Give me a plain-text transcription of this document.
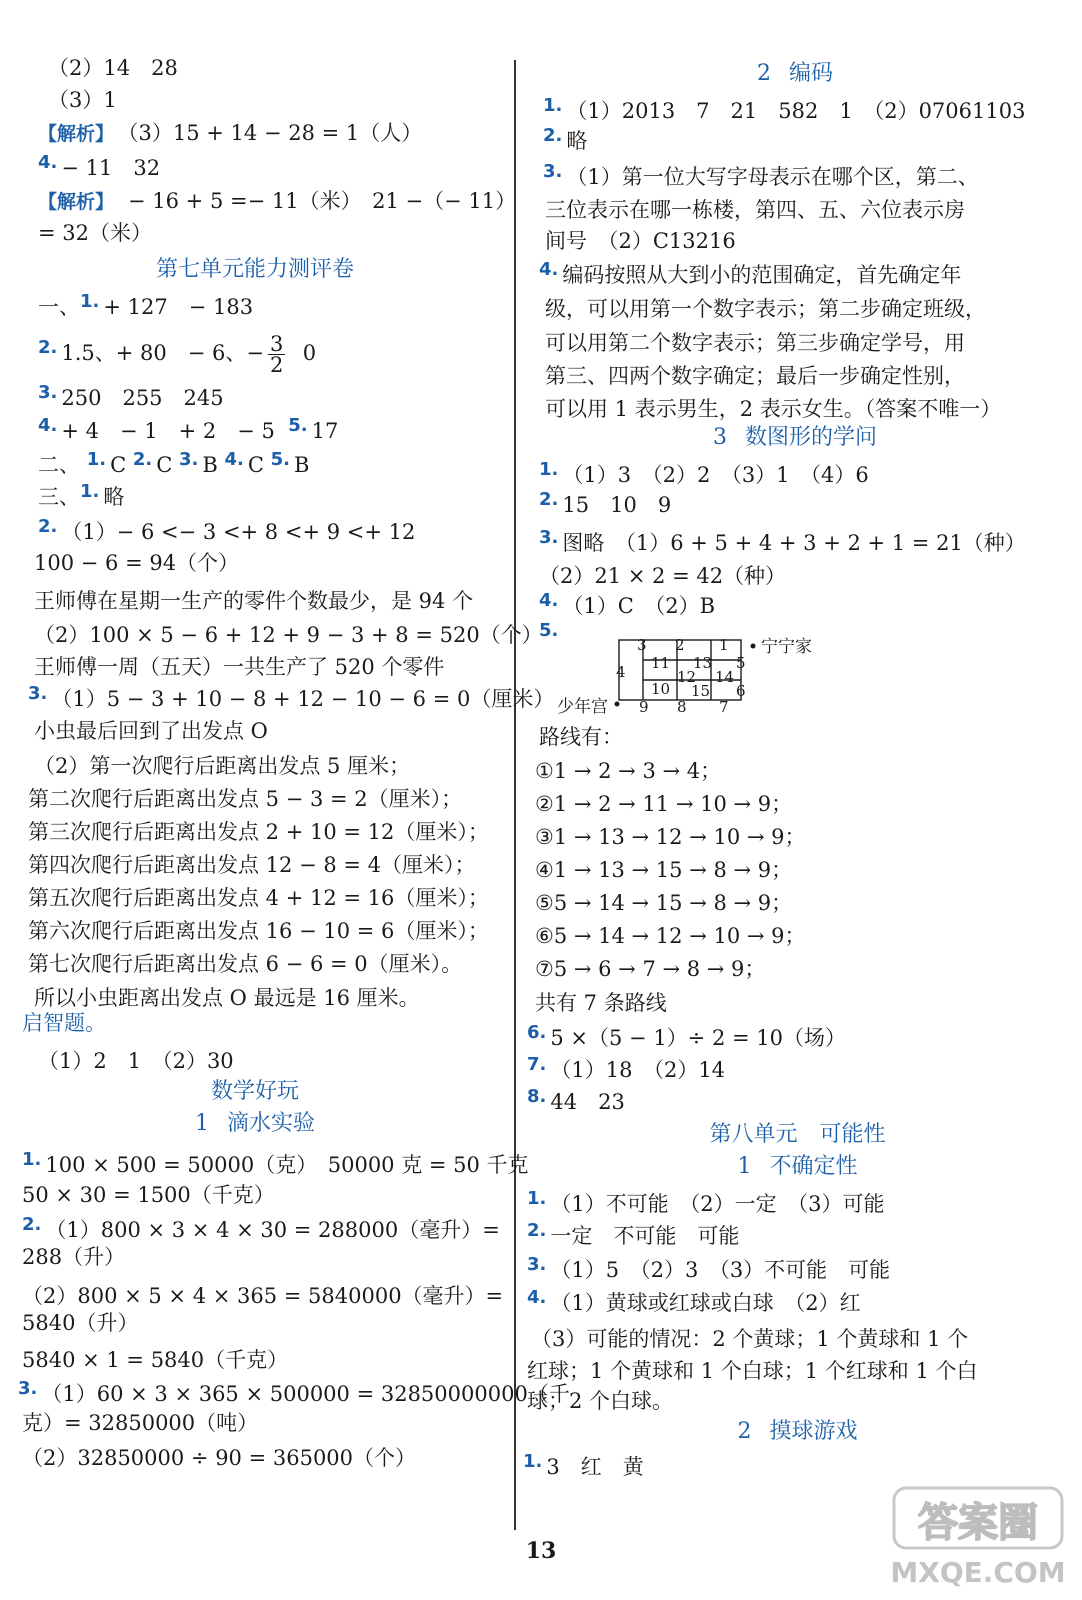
（2）14　28
（3）1
【解析】 （3）15 + 14 − 28 = 1（人）
4. − 11　32
【解析】 − 16 + 5 =− 11（米）　21 −（− 11）
= 32（米）
第七单元能力测评卷
一、1. + 127　− 183
2. 1.5、+ 80　− 6、− $\frac{3}{2} 0$
3. 250　255　245
4. + 4　− 1　+ 2　− 5 5. 17
二、 1. C 2. C 3. B 4. C 5. B
三、1. 略
2. （1）− 6 <− 3 <+ 8 <+ 9 <+ 12
100 − 6 = 94（个）
王师傅在星期一生产的零件个数最少，是 94 个
（2）100 × 5 − 6 + 12 + 9 − 3 + 8 = 520（个）
王师傅一周（五天）一共生产了 520 个零件
3. （1）5 − 3 + 10 − 8 + 12 − 10 − 6 = 0（厘米）
小虫最后回到了出发点 O
（2）第一次爬行后距离出发点 5 厘米；
第二次爬行后距离出发点 5 − 3 = 2（厘米）；
第三次爬行后距离出发点 2 + 10 = 12（厘米）；
第四次爬行后距离出发点 12 − 8 = 4（厘米）；
第五次爬行后距离出发点 4 + 12 = 16（厘米）；
第六次爬行后距离出发点 16 − 10 = 6（厘米）；
第七次爬行后距离出发点 6 − 6 = 0（厘米）。
所以小虫距离出发点 O 最远是 16 厘米。
启智题。
（1）2　1　（2）30
数学好玩
1 滴水实验
1. 100 × 500 = 50000（克）　50000 克 = 50 千克
50 × 30 = 1500（千克）
2. （1）800 × 3 × 4 × 30 = 288000（毫升）=
288（升）
（2）800 × 5 × 4 × 365 = 5840000（毫升）=
5840（升）
5840 × 1 = 5840（千克）
3. （1）60 × 3 × 365 × 500000 = 32850000000（千
克）= 32850000（吨）
（2）32850000 ÷ 90 = 365000（个）
2 编码
1. （1）2013　7　21　582　1　（2）07061103
2. 略
3. （1）第一位大写字母表示在哪个区，第二、
三位表示在哪一栋楼，第四、五、六位表示房
间号　（2）C13216
4. 编码按照从大到小的范围确定，首先确定年
级，可以用第一个数字表示；第二步确定班级，
可以用第二个数字表示；第三步确定学号，用
第三、四两个数字确定；最后一步确定性别，
可以用 1 表示男生，2 表示女生。（答案不唯一）
3 数图形的学问
1. （1）3　（2）2　（3）1　（4）6
2. 15　10　9
3. 图略　（1）6 + 5 + 4 + 3 + 2 + 1 = 21（种）
（2）21 × 2 = 42（种）
4. （1）C　（2）B
5.
路线有：
①1 → 2 → 3 → 4；
②1 → 2 → 11 → 10 → 9；
③1 → 13 → 12 → 10 → 9；
④1 → 13 → 15 → 8 → 9；
⑤5 → 14 → 15 → 8 → 9；
⑥5 → 14 → 12 → 10 → 9；
⑦5 → 6 → 7 → 8 → 9；
共有 7 条路线
6. 5 ×（5 − 1）÷ 2 = 10（场）
7. （1）18　（2）14
8. 44　23
第八单元　可能性
1 不确定性
1. （1）不可能　（2）一定　（3）可能
2. 一定　不可能　可能
3. （1）5　（2）3　（3）不可能　可能
4. （1）黄球或红球或白球　（2）红
（3）可能的情况：2 个黄球；1 个黄球和 1 个
红球；1 个黄球和 1 个白球；1 个红球和 1 个白
球；2 个白球。
2 摸球游戏
1. 3　红　黄
3 2 1
4 11 13 5
12 14
10 15 6
9 8 7
宁宁家
少年宫
13
答案圈
MXQE.COM
